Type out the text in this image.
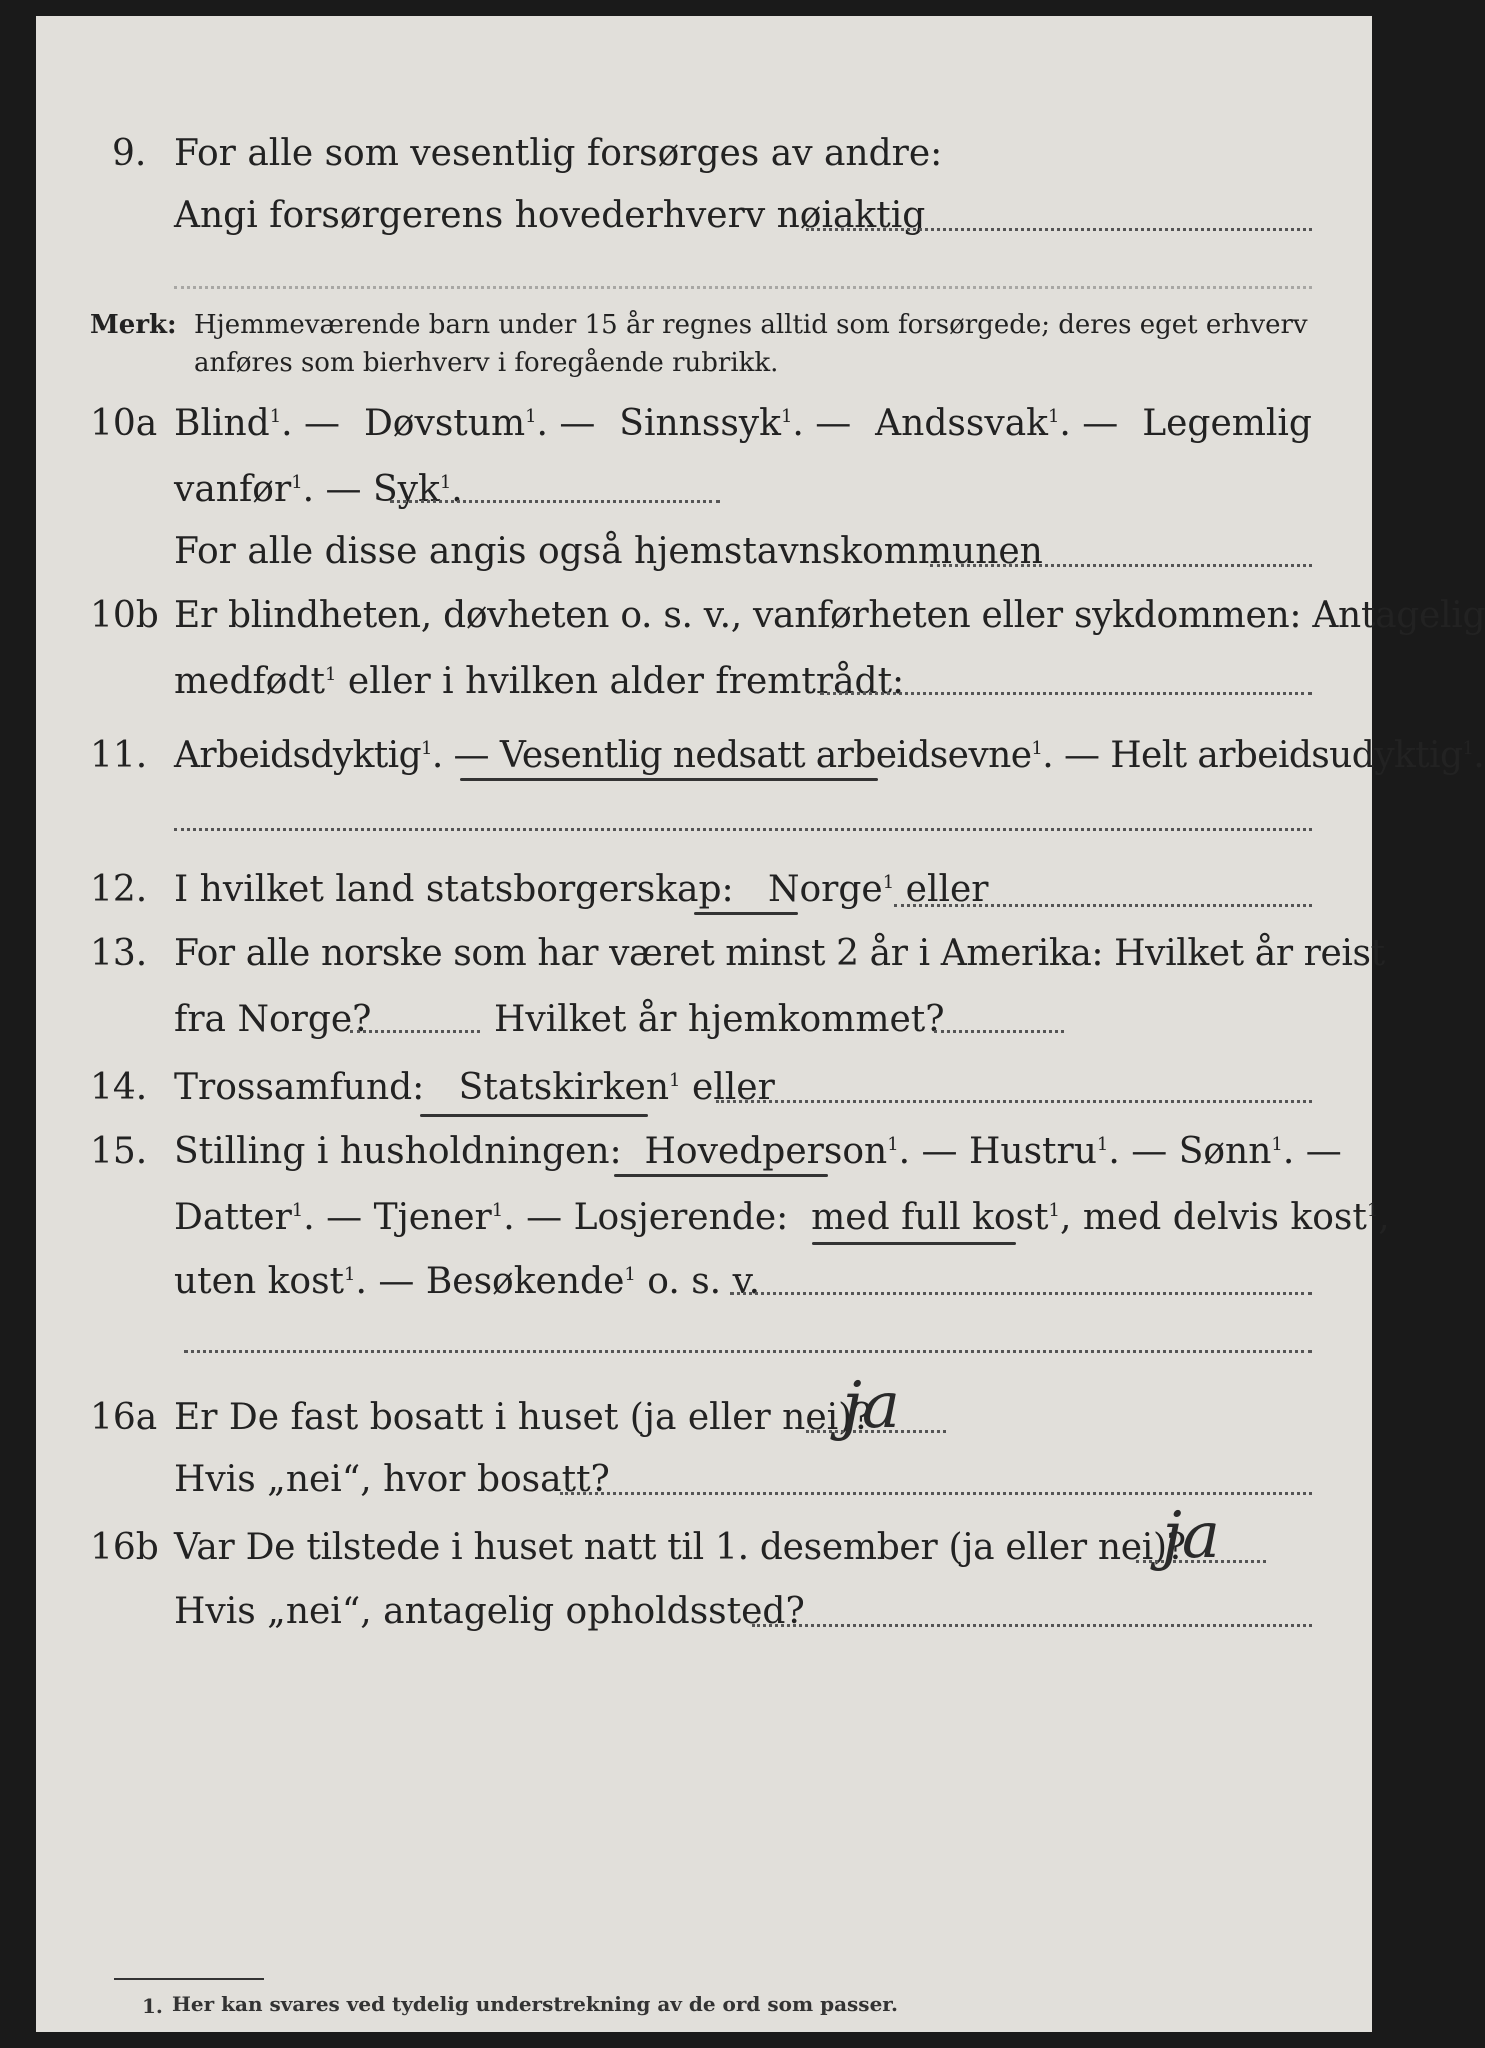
9. For alle som vesentlig forsørges av andre:
Angi forsørgerens hovederhverv nøiaktig
Merk: Hjemmeværende barn under 15 år regnes alltid som forsørgede; deres eget erhverv
anføres som bierhverv i foregående rubrikk.
10a Blind$^1$. — Døvstum$^1$. — Sinnssyk$^1$. — Andssvak$^1$. — Legemlig
vanfør$^1$. — Syk$^1$.
For alle disse angis også hjemstavnskommunen
10b Er blindheten, døvheten o. s. v., vanførheten eller sykdommen: Antagelig
medfødt$^1$ eller i hvilken alder fremtrådt:
11. Arbeidsdyktig$^1$. — Vesentlig nedsatt arbeidsevne$^1$. — Helt arbeidsudyktig$^1$.
12. I hvilket land statsborgerskap: Norge$^1$ eller
13. For alle norske som har været minst 2 år i Amerika: Hvilket år reist
fra Norge?	Hvilket år hjemkommet?
14. Trossamfund: Statskirken$^1$ eller
15. Stilling i husholdningen: Hovedperson$^1$. — Hustru$^1$. — Sønn$^1$. —
Datter$^1$. — Tjener$^1$. — Losjerende: med full kost$^1$, med delvis kost$^1$,
uten kost$^1$. — Besøkende$^1$ o. s. v.
16a Er De fast bosatt i huset (ja eller nei)?
ja
Hvis „nei“, hvor bosatt?
16b Var De tilstede i huset natt til 1. desember (ja eller nei)?
ja
Hvis „nei“, antagelig opholdssted?
1. Her kan svares ved tydelig understrekning av de ord som passer.
